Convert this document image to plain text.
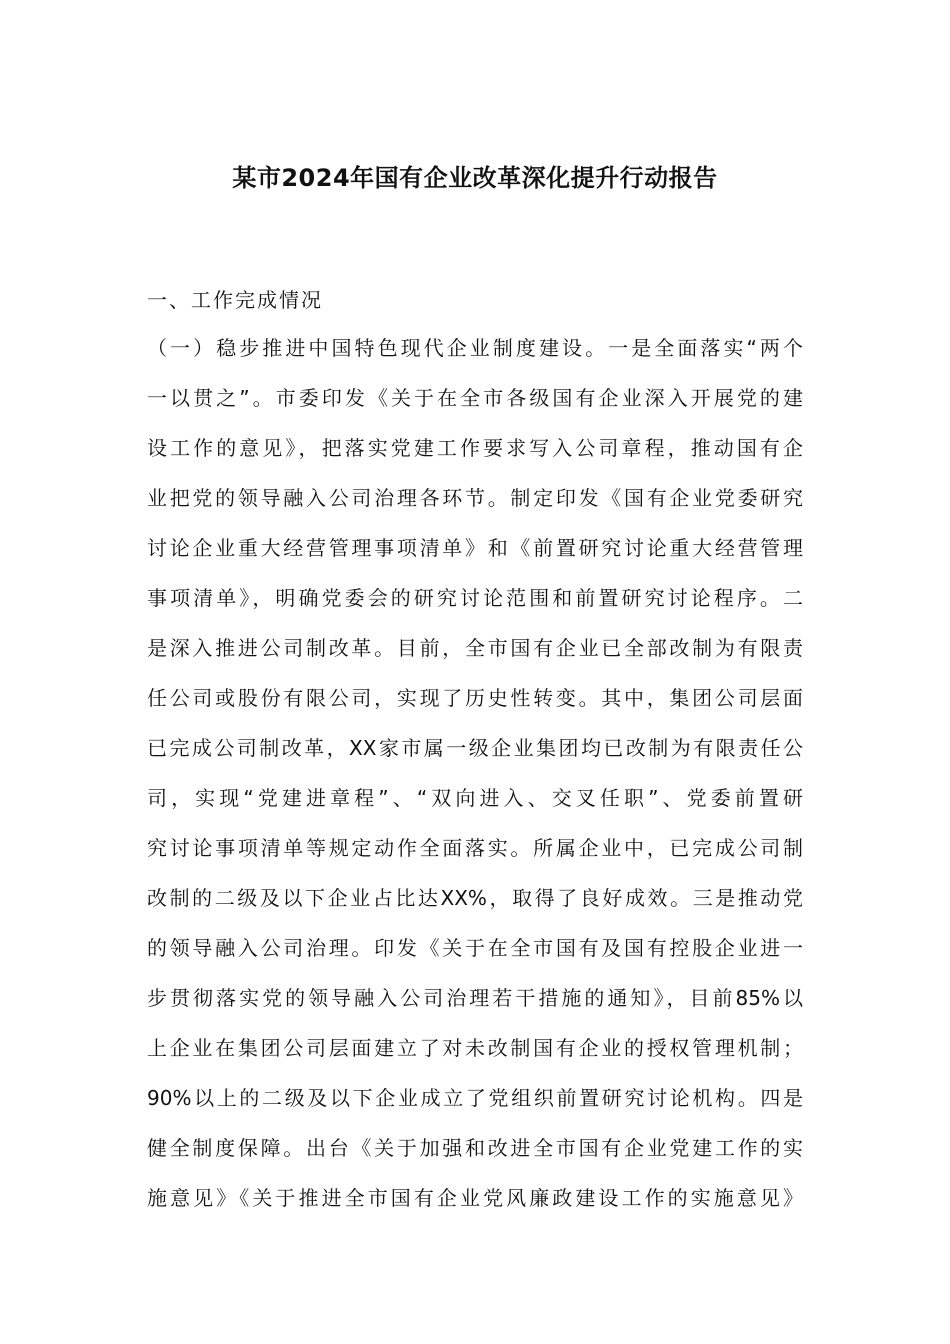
某市2024年国有企业改革深化提升行动报告
一、工作完成情况
（一）稳步推进中国特色现代企业制度建设。一是全面落实“两个
一以贯之”。市委印发《关于在全市各级国有企业深入开展党的建
设工作的意见》，把落实党建工作要求写入公司章程，推动国有企
业把党的领导融入公司治理各环节。制定印发《国有企业党委研究
讨论企业重大经营管理事项清单》和《前置研究讨论重大经营管理
事项清单》，明确党委会的研究讨论范围和前置研究讨论程序。二
是深入推进公司制改革。目前，全市国有企业已全部改制为有限责
任公司或股份有限公司，实现了历史性转变。其中，集团公司层面
已完成公司制改革，XX家市属一级企业集团均已改制为有限责任公
司，实现“党建进章程”、“双向进入、交叉任职”、党委前置研
究讨论事项清单等规定动作全面落实。所属企业中，已完成公司制
改制的二级及以下企业占比达XX%，取得了良好成效。三是推动党
的领导融入公司治理。印发《关于在全市国有及国有控股企业进一
步贯彻落实党的领导融入公司治理若干措施的通知》，目前85%以
上企业在集团公司层面建立了对未改制国有企业的授权管理机制；
90%以上的二级及以下企业成立了党组织前置研究讨论机构。四是
健全制度保障。出台《关于加强和改进全市国有企业党建工作的实
施意见》《关于推进全市国有企业党风廉政建设工作的实施意见》
